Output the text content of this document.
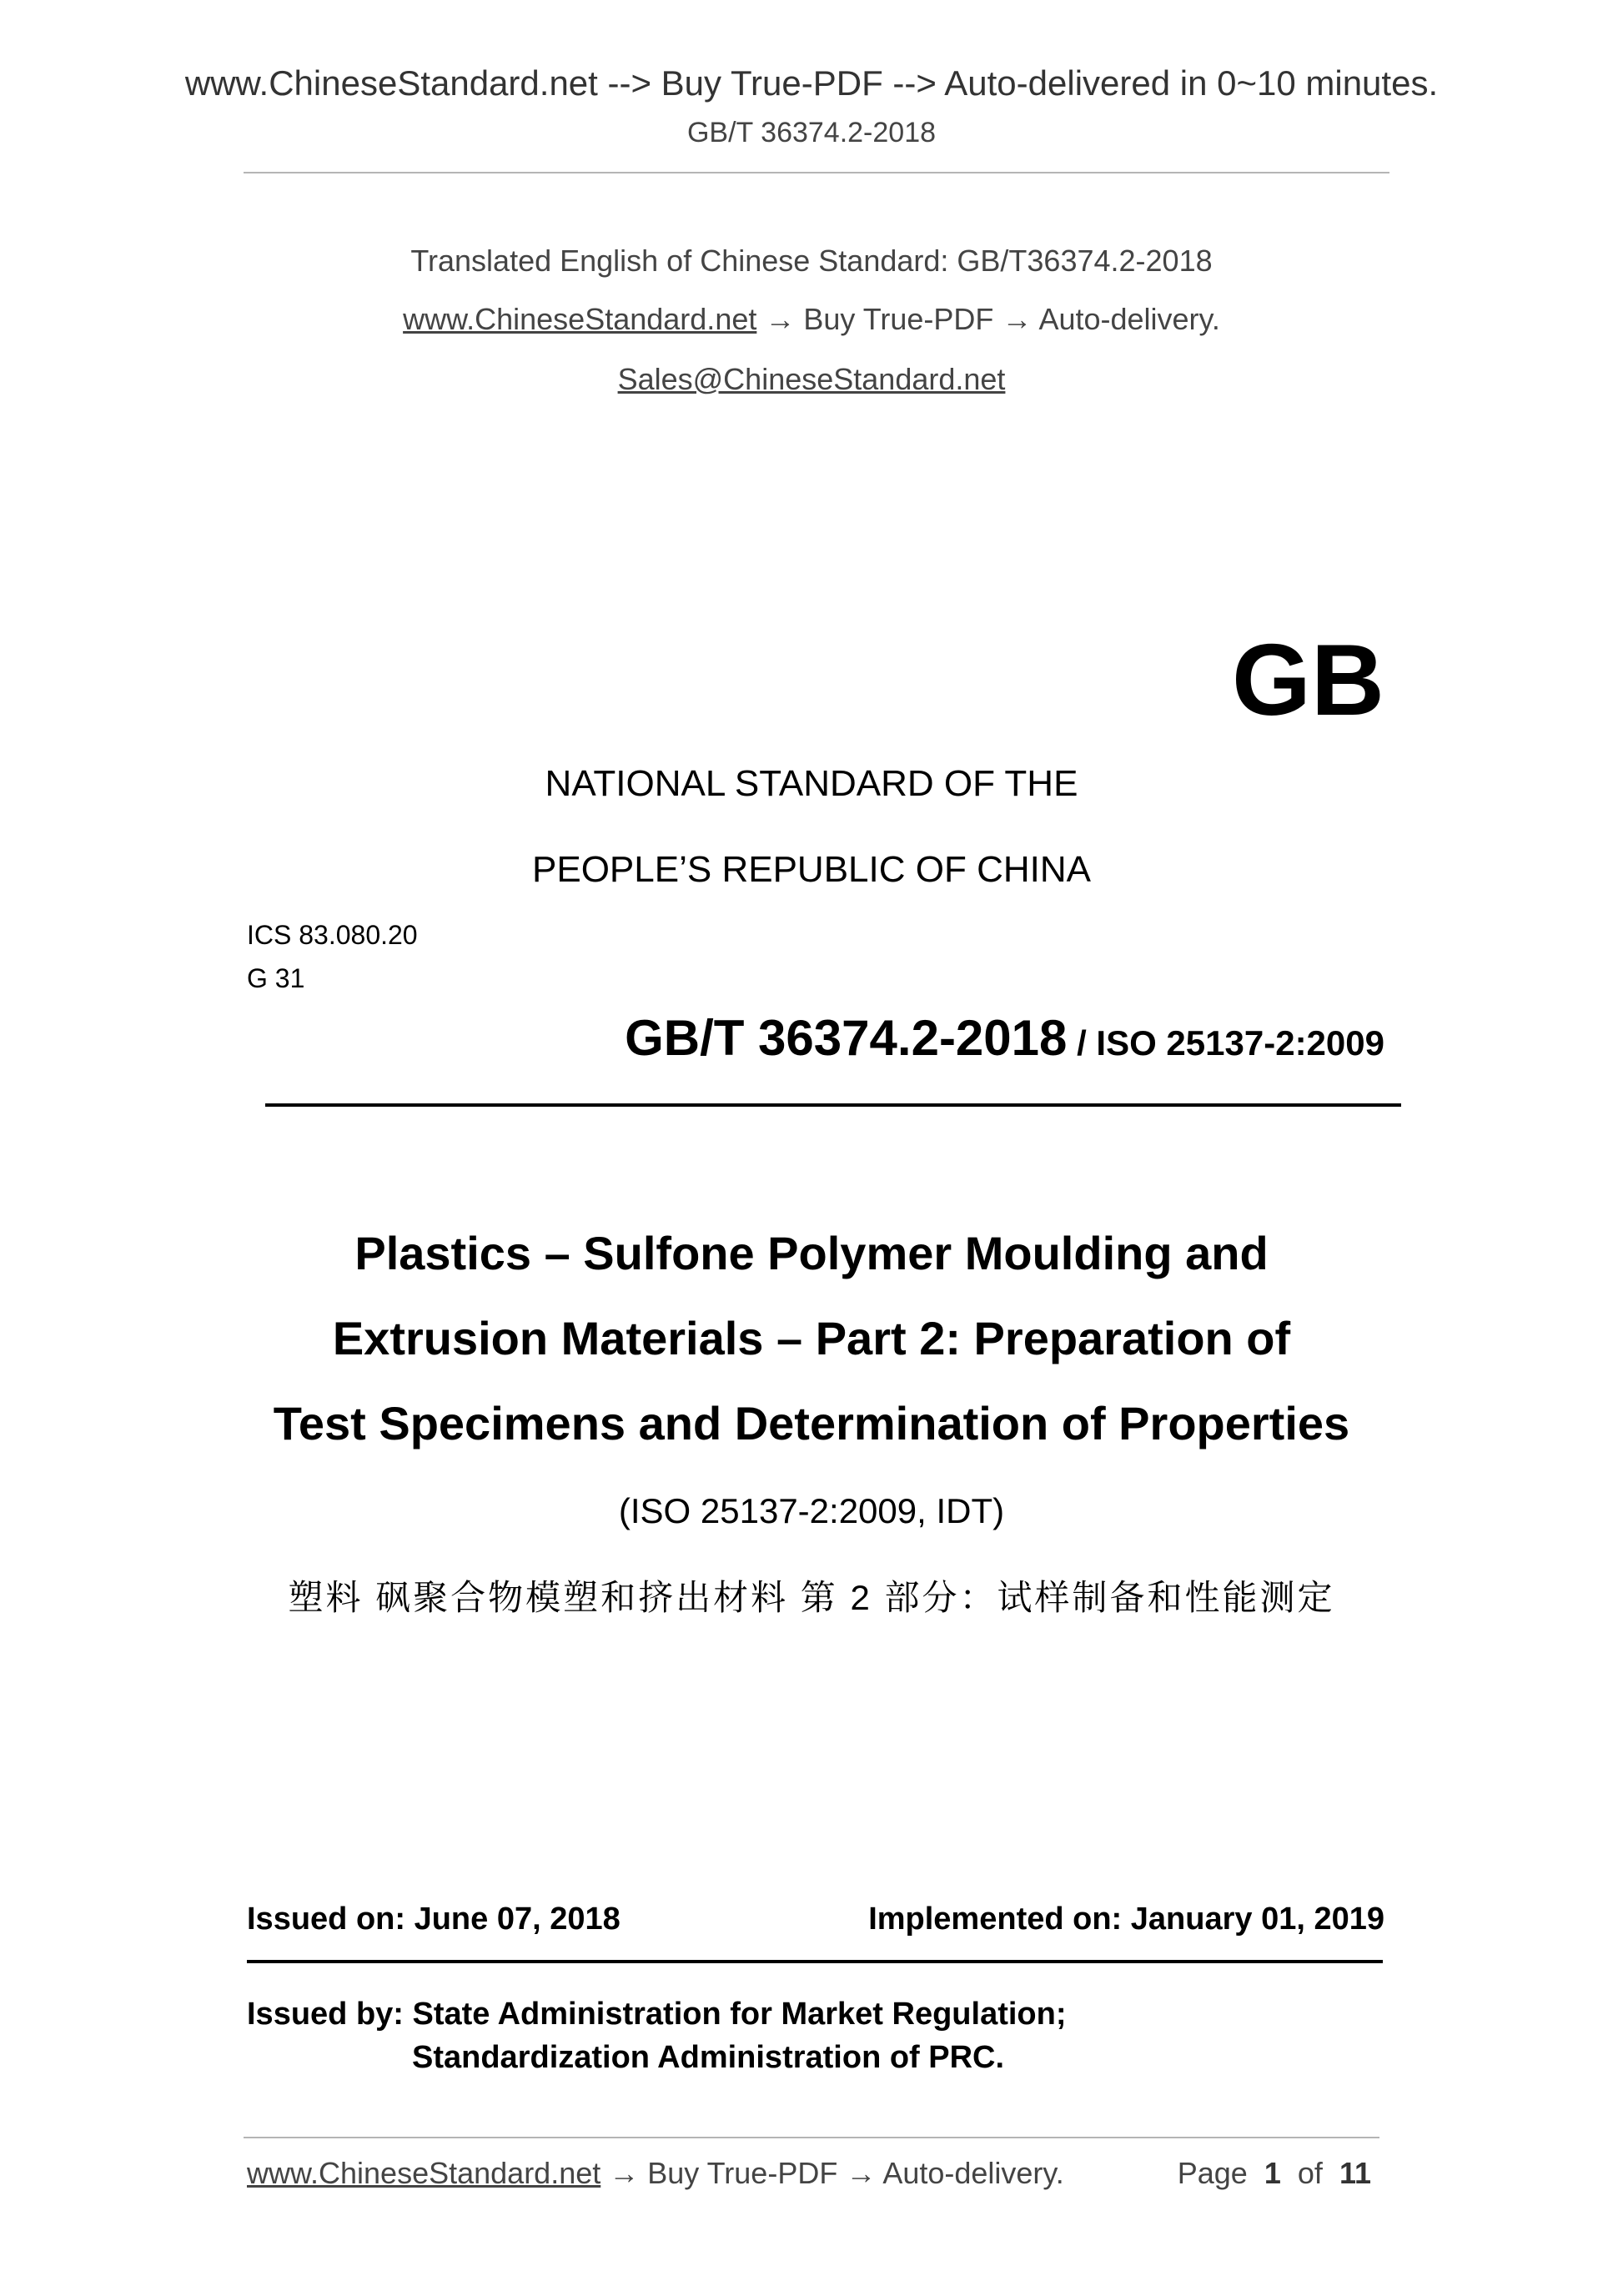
www.ChineseStandard.net --> Buy True-PDF --> Auto-delivered in 0~10 minutes.
GB/T 36374.2-2018
Translated English of Chinese Standard: GB/T36374.2-2018
www.ChineseStandard.net → Buy True-PDF → Auto-delivery.
Sales@ChineseStandard.net
GB
NATIONAL STANDARD OF THE
PEOPLE’S REPUBLIC OF CHINA
ICS 83.080.20
G 31
GB/T 36374.2-2018 / ISO 25137-2:2009
Plastics – Sulfone Polymer Moulding and
Extrusion Materials – Part 2: Preparation of
Test Specimens and Determination of Properties
(ISO 25137-2:2009, IDT)
塑料 砜聚合物模塑和挤出材料 第 2 部分：试样制备和性能测定
Issued on: June 07, 2018	Implemented on: January 01, 2019
Issued by: State Administration for Market Regulation;
Standardization Administration of PRC.
www.ChineseStandard.net → Buy True-PDF → Auto-delivery.	Page 1 of 11
